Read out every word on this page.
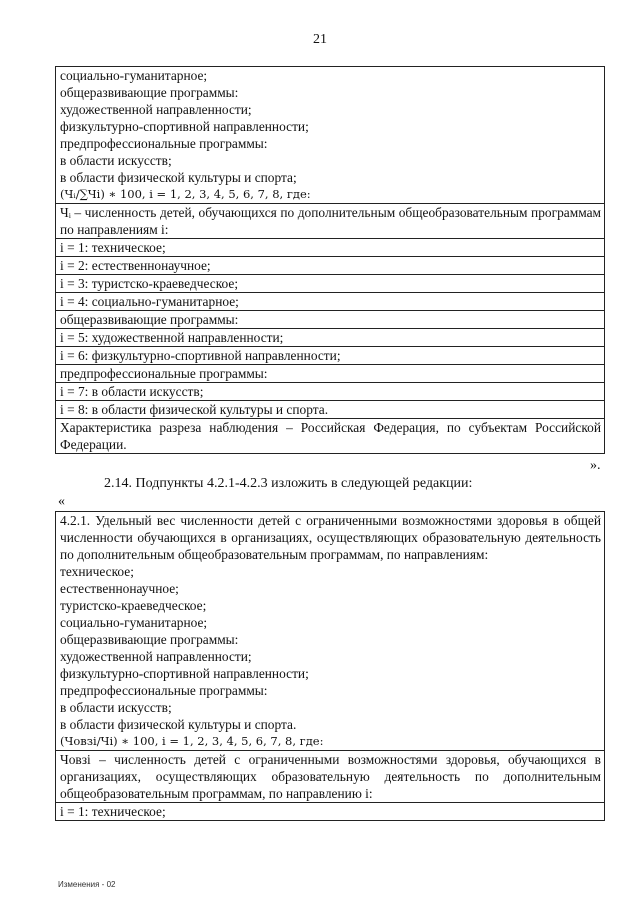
21
социально-гуманитарное;
общеразвивающие программы:
художественной направленности;
физкультурно-спортивной направленности;
предпрофессиональные программы:
в области искусств;
в области физической культуры и спорта;
(Чᵢ/∑Чi) ∗ 100, i = 1, 2, 3, 4, 5, 6, 7, 8, где:
Чᵢ – численность детей, обучающихся по дополнительным общеобразовательным программам по направлениям i:
i = 1: техническое;
i = 2: естественнонаучное;
i = 3: туристско-краеведческое;
i = 4: социально-гуманитарное;
общеразвивающие программы:
i = 5: художественной направленности;
i = 6: физкультурно-спортивной направленности;
предпрофессиональные программы:
i = 7: в области искусств;
i = 8: в области физической культуры и спорта.
Характеристика разреза наблюдения – Российская Федерация, по субъектам Российской Федерации.
».
2.14. Подпункты 4.2.1-4.2.3 изложить в следующей редакции:
«
4.2.1. Удельный вес численности детей с ограниченными возможностями здоровья в общей численности обучающихся в организациях, осуществляющих образовательную деятельность по дополнительным общеобразовательным программам, по направлениям:
техническое;
естественнонаучное;
туристско-краеведческое;
социально-гуманитарное;
общеразвивающие программы:
художественной направленности;
физкультурно-спортивной направленности;
предпрофессиональные программы:
в области искусств;
в области физической культуры и спорта.
(Човзi/Чi) ∗ 100, i = 1, 2, 3, 4, 5, 6, 7, 8, где:
Човзi – численность детей с ограниченными возможностями здоровья, обучающихся в организациях, осуществляющих образовательную деятельность по дополнительным общеобразовательным программам, по направлению i:
i = 1: техническое;
Изменения - 02
